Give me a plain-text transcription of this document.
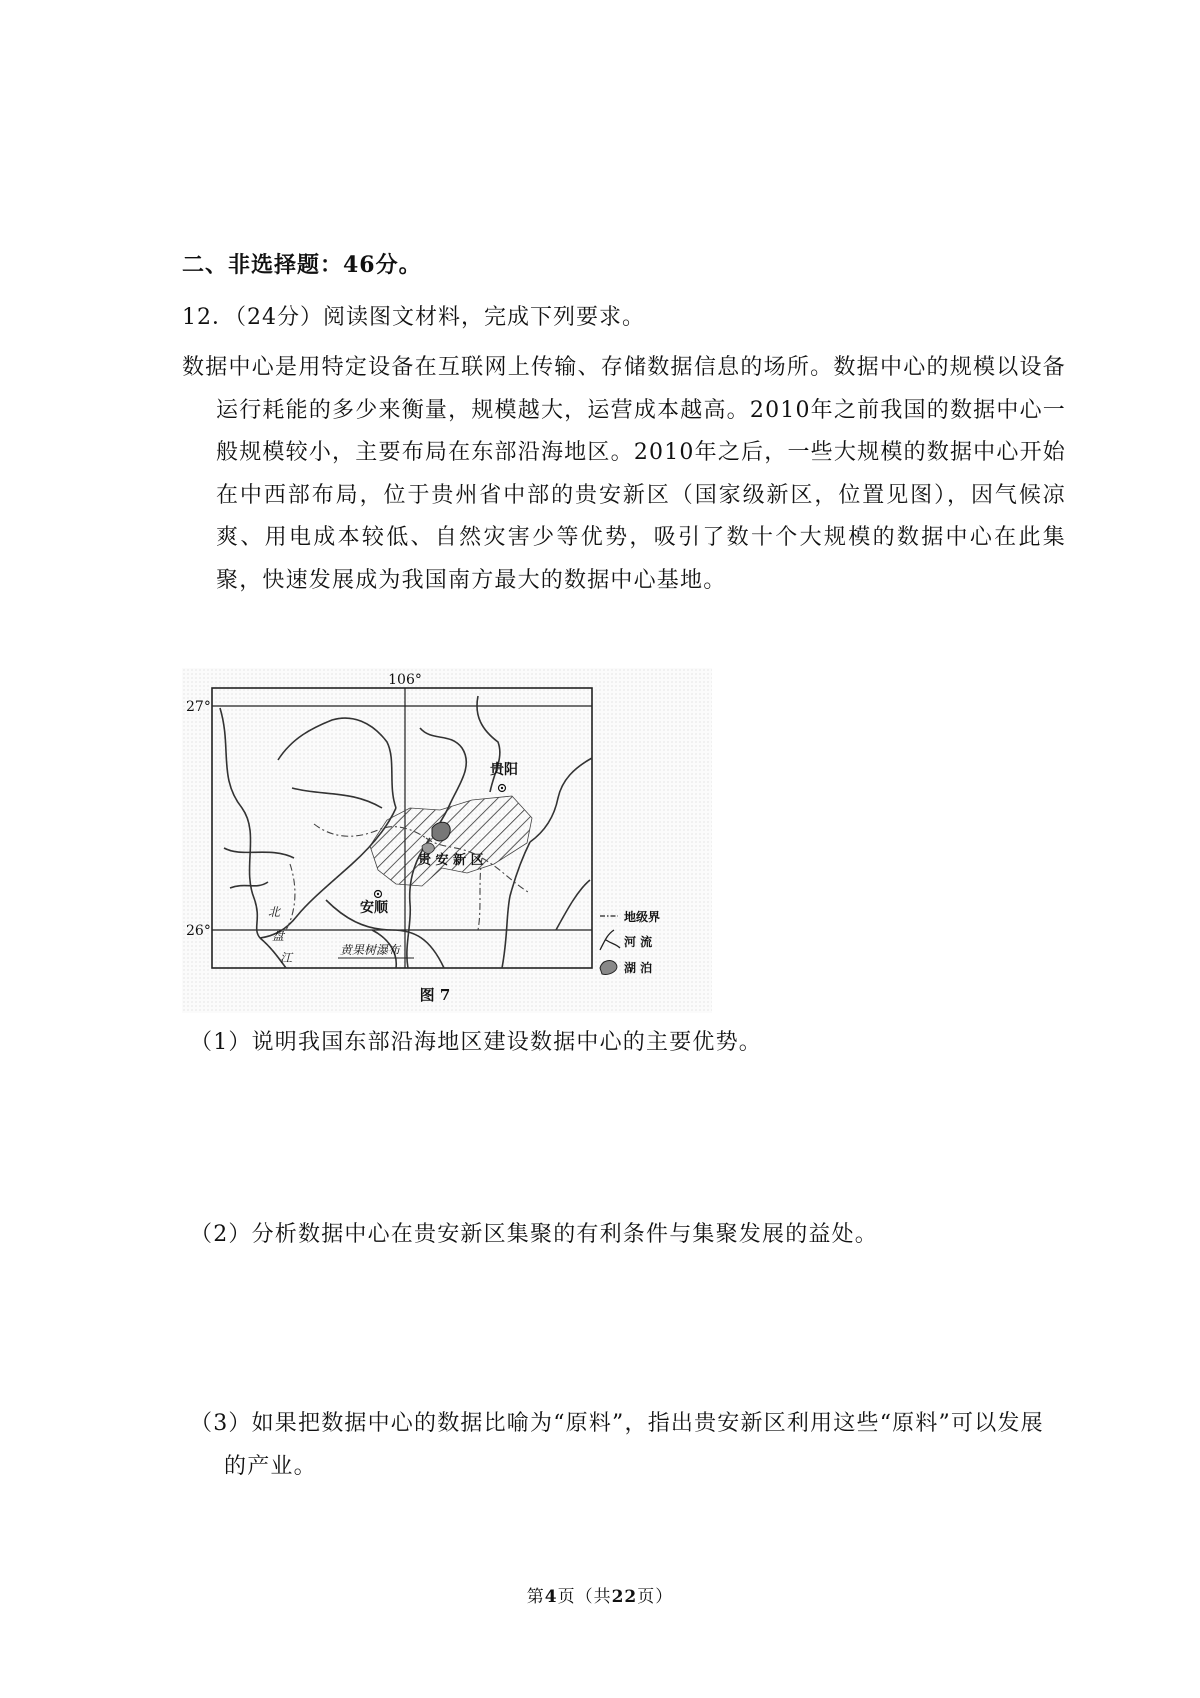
二、非选择题：46分。
12．（24分）阅读图文材料，完成下列要求。
数据中心是用特定设备在互联网上传输、存储数据信息的场所。数据中心的规模以设备运行耗能的多少来衡量，规模越大，运营成本越高。2010年之前我国的数据中心一般规模较小，主要布局在东部沿海地区。2010年之后，一些大规模的数据中心开始在中西部布局，位于贵州省中部的贵安新区（国家级新区，位置见图），因气候凉爽、用电成本较低、自然灾害少等优势，吸引了数十个大规模的数据中心在此集聚，快速发展成为我国南方最大的数据中心基地。
106°
27°
26°
贵阳
安顺
贵 安 新 区
北
盘
江
黄果树瀑布
地级界
河 流
湖 泊
图 7
（1）说明我国东部沿海地区建设数据中心的主要优势。
（2）分析数据中心在贵安新区集聚的有利条件与集聚发展的益处。
（3）如果把数据中心的数据比喻为“原料”，指出贵安新区利用这些“原料”可以发展的产业。
第4页（共22页）
